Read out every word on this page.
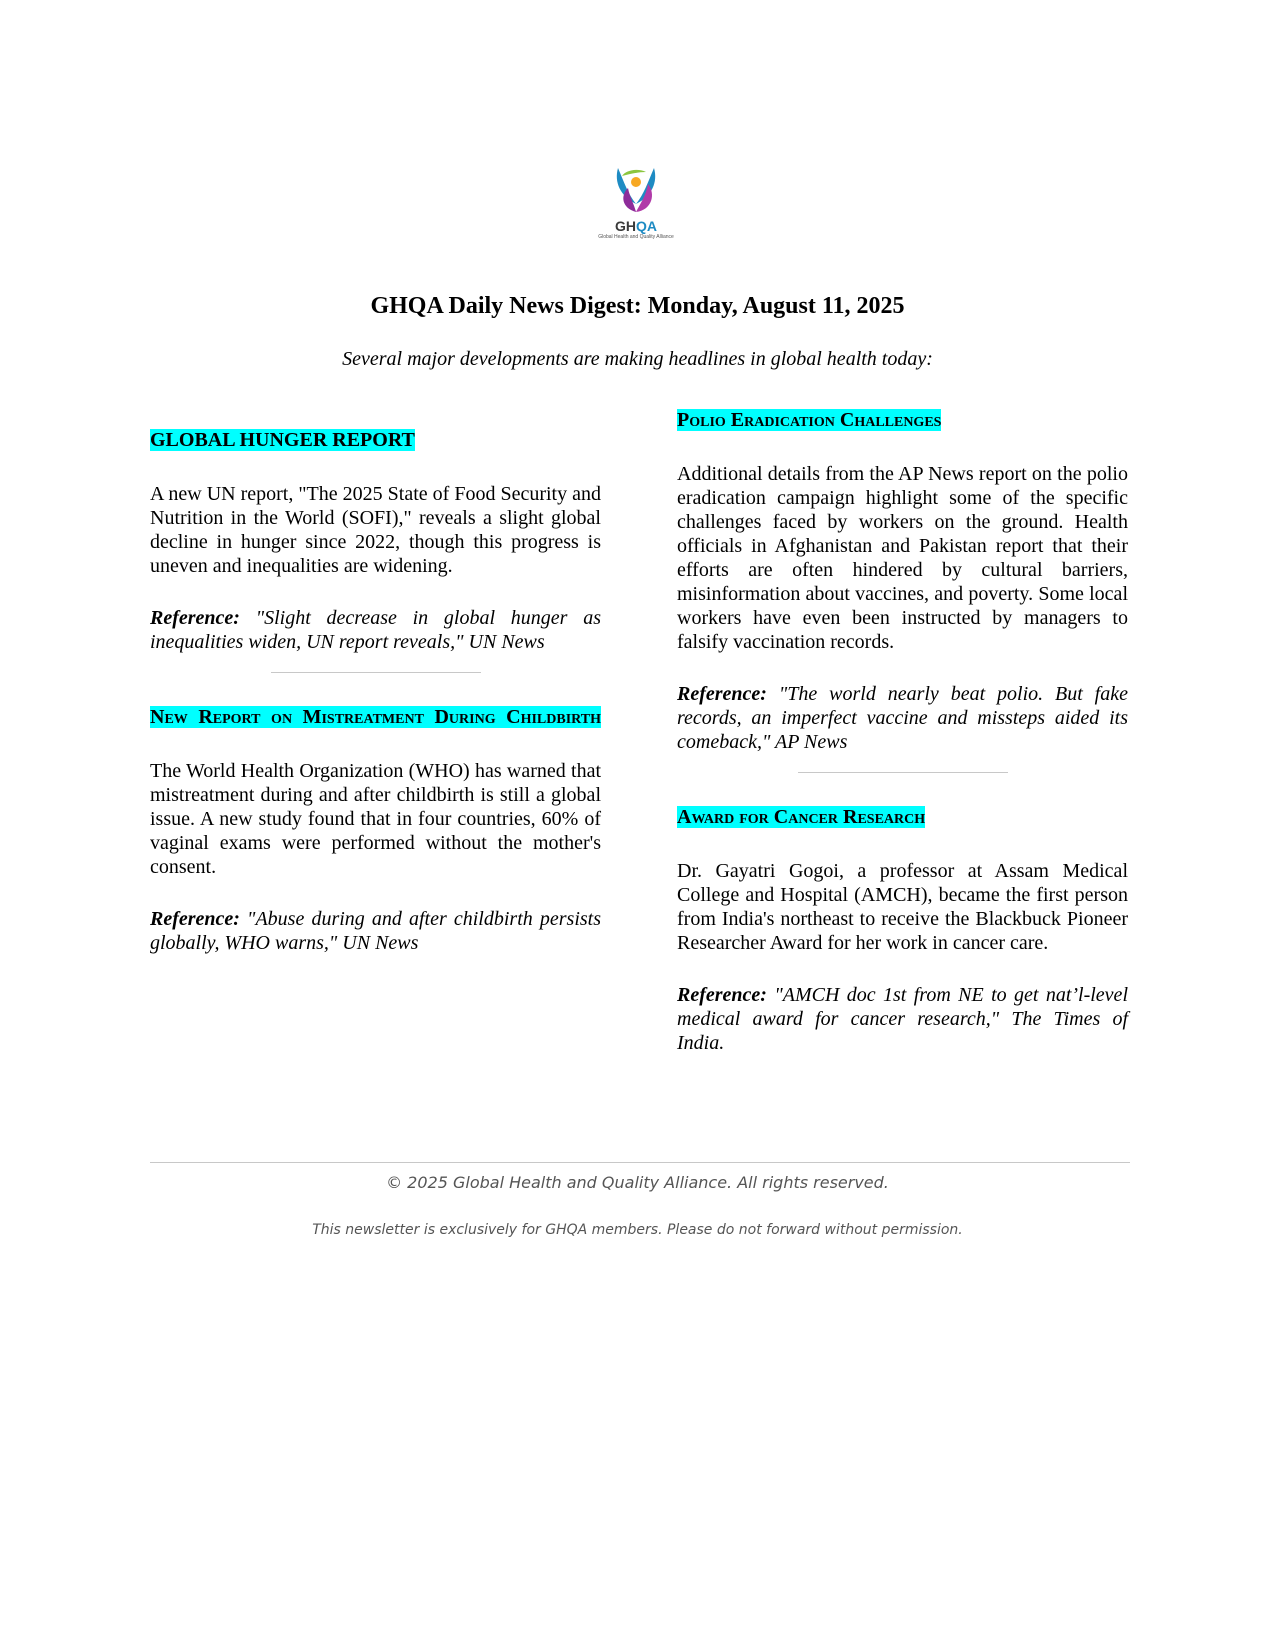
GHQA
Global Health and Quality Alliance
GHQA Daily News Digest: Monday, August 11, 2025
Several major developments are making headlines in global health today:

GLOBAL HUNGER REPORT

A new UN report, "The 2025 State of Food Security and Nutrition in the World (SOFI)," reveals a slight global decline in hunger since 2022, though this progress is uneven and inequalities are widening.

Reference: "Slight decrease in global hunger as inequalities widen, UN report reveals," UN News

New Report on Mistreatment During Childbirth

The World Health Organization (WHO) has warned that mistreatment during and after childbirth is still a global issue. A new study found that in four countries, 60% of vaginal exams were performed without the mother's consent.

Reference: "Abuse during and after childbirth persists globally, WHO warns," UN News

Polio Eradication Challenges

Additional details from the AP News report on the polio eradication campaign highlight some of the specific challenges faced by workers on the ground. Health officials in Afghanistan and Pakistan report that their efforts are often hindered by cultural barriers, misinformation about vaccines, and poverty. Some local workers have even been instructed by managers to falsify vaccination records.

Reference: "The world nearly beat polio. But fake records, an imperfect vaccine and missteps aided its comeback," AP News

Award for Cancer Research

Dr. Gayatri Gogoi, a professor at Assam Medical College and Hospital (AMCH), became the first person from India's northeast to receive the Blackbuck Pioneer Researcher Award for her work in cancer care.

Reference: "AMCH doc 1st from NE to get nat’l-level medical award for cancer research," The Times of India.

© 2025 Global Health and Quality Alliance. All rights reserved.
This newsletter is exclusively for GHQA members. Please do not forward without permission.
